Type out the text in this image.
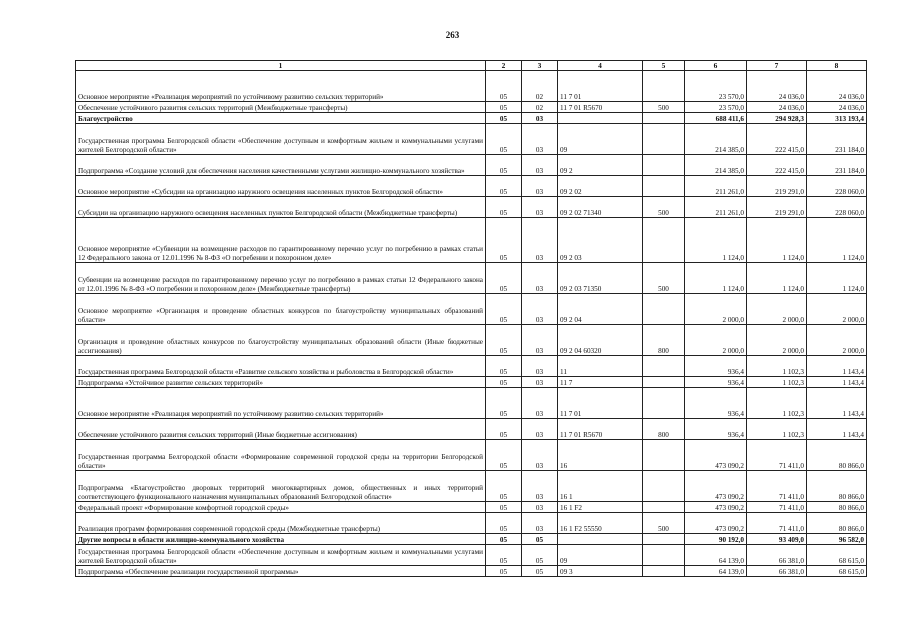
263
1	2	3	4	5	6	7	8
Основное мероприятие «Реализация мероприятий по устойчивому развитию сельских территорий»	05	02	11 7 01		23 570,0	24 036,0	24 036,0
Обеспечение устойчивого развития сельских территорий (Межбюджетные трансферты)	05	02	11 7 01 R5670	500	23 570,0	24 036,0	24 036,0
Благоустройство	05	03			688 411,6	294 928,3	313 193,4
Государственная программа Белгородской области «Обеспечение доступным и комфортным жильем и коммунальными услугами жителей Белгородской области»	05	03	09		214 385,0	222 415,0	231 184,0
Подпрограмма «Создание условий для обеспечения населения качественными услугами жилищно-коммунального хозяйства»	05	03	09 2		214 385,0	222 415,0	231 184,0
Основное мероприятие «Субсидии на организацию наружного освещения населенных пунктов Белгородской области»	05	03	09 2 02		211 261,0	219 291,0	228 060,0
Субсидии на организацию наружного освещения населенных пунктов Белгородской области (Межбюджетные трансферты)	05	03	09 2 02 71340	500	211 261,0	219 291,0	228 060,0
Основное мероприятие «Субвенции на возмещение расходов по гарантированному перечню услуг по погребению в рамках статьи 12 Федерального закона от 12.01.1996 № 8-ФЗ «О погребении и похоронном деле»	05	03	09 2 03		1 124,0	1 124,0	1 124,0
Субвенции на возмещение расходов по гарантированному перечню услуг по погребению в рамках статьи 12 Федерального закона от 12.01.1996 № 8-ФЗ «О погребении и похоронном деле» (Межбюджетные трансферты)	05	03	09 2 03 71350	500	1 124,0	1 124,0	1 124,0
Основное мероприятие «Организация и проведение областных конкурсов по благоустройству муниципальных образований области»	05	03	09 2 04		2 000,0	2 000,0	2 000,0
Организация и проведение областных конкурсов по благоустройству муниципальных образований области (Иные бюджетные ассигнования)	05	03	09 2 04 60320	800	2 000,0	2 000,0	2 000,0
Государственная программа Белгородской области «Развитие сельского хозяйства и рыболовства в Белгородской области»	05	03	11		936,4	1 102,3	1 143,4
Подпрограмма «Устойчивое развитие сельских территорий»	05	03	11 7		936,4	1 102,3	1 143,4
Основное мероприятие «Реализация мероприятий по устойчивому развитию сельских территорий»	05	03	11 7 01		936,4	1 102,3	1 143,4
Обеспечение устойчивого развития сельских территорий (Иные бюджетные ассигнования)	05	03	11 7 01 R5670	800	936,4	1 102,3	1 143,4
Государственная программа Белгородской области «Формирование современной городской среды на территории Белгородской области»	05	03	16		473 090,2	71 411,0	80 866,0
Подпрограмма «Благоустройство дворовых территорий многоквартирных домов, общественных и иных территорий соответствующего функционального назначения муниципальных образований Белгородской области»	05	03	16 1		473 090,2	71 411,0	80 866,0
Федеральный проект «Формирование комфортной городской среды»	05	03	16 1 F2		473 090,2	71 411,0	80 866,0
Реализация программ формирования современной городской среды (Межбюджетные трансферты)	05	03	16 1 F2 55550	500	473 090,2	71 411,0	80 866,0
Другие вопросы в области жилищно-коммунального хозяйства	05	05			90 192,0	93 409,0	96 582,0
Государственная программа Белгородской области «Обеспечение доступным и комфортным жильем и коммунальными услугами жителей Белгородской области»	05	05	09		64 139,0	66 381,0	68 615,0
Подпрограмма «Обеспечение реализации государственной программы»	05	05	09 3		64 139,0	66 381,0	68 615,0
